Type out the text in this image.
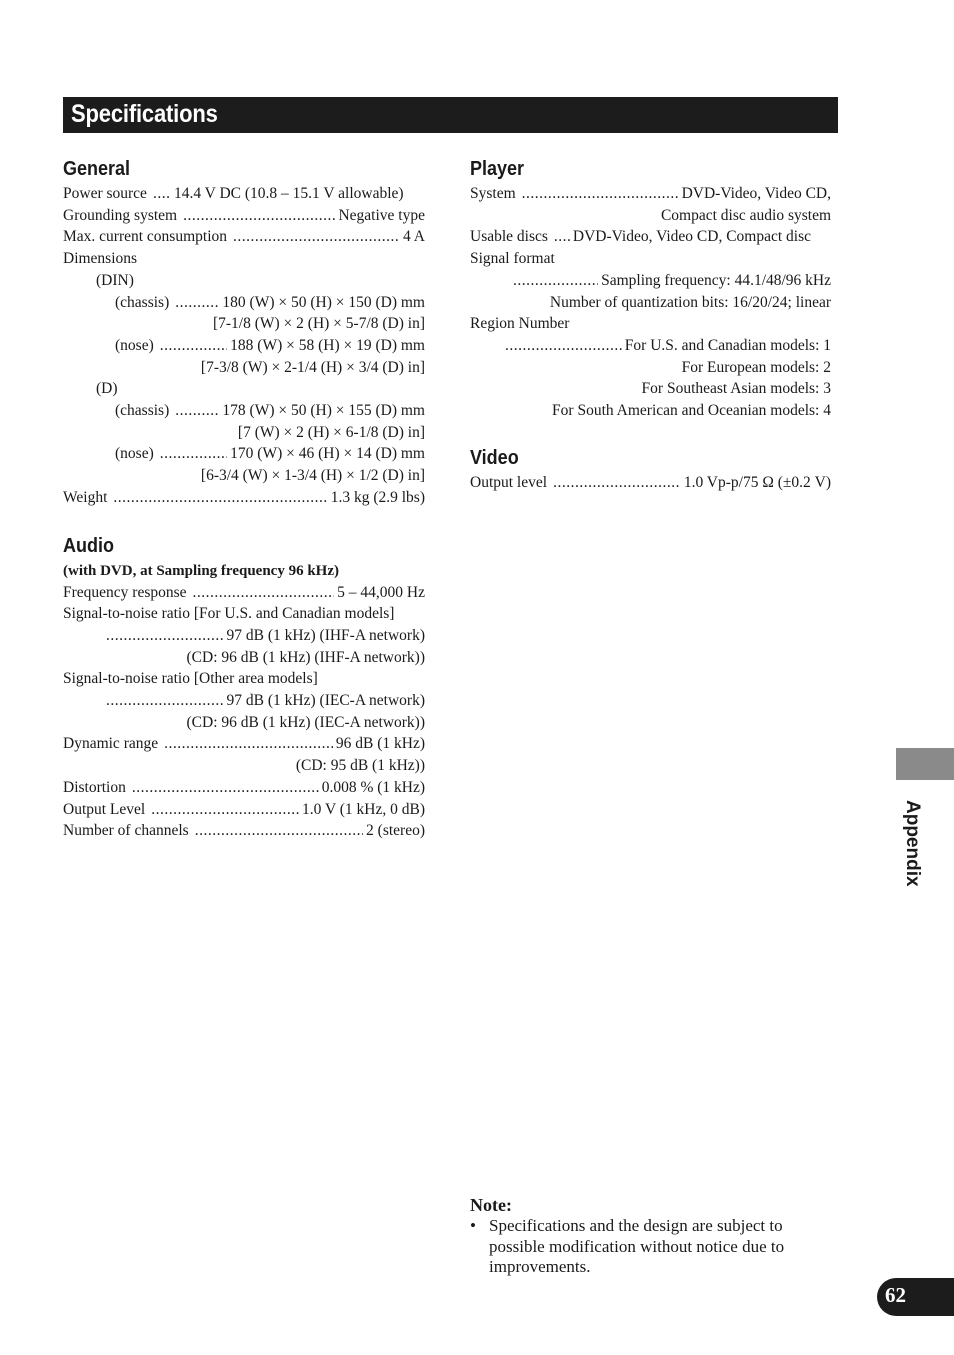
Specifications
General
Power source ..... 14.4 V DC (10.8 – 15.1 V allowable)
Grounding system .....	Negative type
Max. current consumption .....	4 A
Dimensions
(DIN)
(chassis) .....	180 (W) × 50 (H) × 150 (D) mm
[7-1/8 (W) × 2 (H) × 5-7/8 (D) in]
(nose) .....	188 (W) × 58 (H) × 19 (D) mm
[7-3/8 (W) × 2-1/4 (H) × 3/4 (D) in]
(D)
(chassis) .....	178 (W) × 50 (H) × 155 (D) mm
[7 (W) × 2 (H) × 6-1/8 (D) in]
(nose) .....	170 (W) × 46 (H) × 14 (D) mm
[6-3/4 (W) × 1-3/4 (H) × 1/2 (D) in]
Weight .....	1.3 kg (2.9 lbs)
Audio
(with DVD, at Sampling frequency 96 kHz)
Frequency response .....	5 – 44,000 Hz
Signal-to-noise ratio [For U.S. and Canadian models]
.....
97 dB (1 kHz) (IHF-A network)
(CD: 96 dB (1 kHz) (IHF-A network))
Signal-to-noise ratio [Other area models]
.....
97 dB (1 kHz) (IEC-A network)
(CD: 96 dB (1 kHz) (IEC-A network))
Dynamic range .....	96 dB (1 kHz)
(CD: 95 dB (1 kHz))
Distortion .....	0.008 % (1 kHz)
Output Level .....	1.0 V (1 kHz, 0 dB)
Number of channels .....	2 (stereo)
Player
System .....	DVD-Video, Video CD,
Compact disc audio system
Usable discs ..... DVD-Video, Video CD, Compact disc
Signal format
.....
Sampling frequency: 44.1/48/96 kHz
Number of quantization bits: 16/20/24; linear
Region Number
.....
For U.S. and Canadian models: 1
For European models: 2
For Southeast Asian models: 3
For South American and Oceanian models: 4
Video
Output level .....	1.0 Vp-p/75 Ω (±0.2 V)
Note:
• Specifications and the design are subject to possible modification without notice due to improvements.
Appendix
62
